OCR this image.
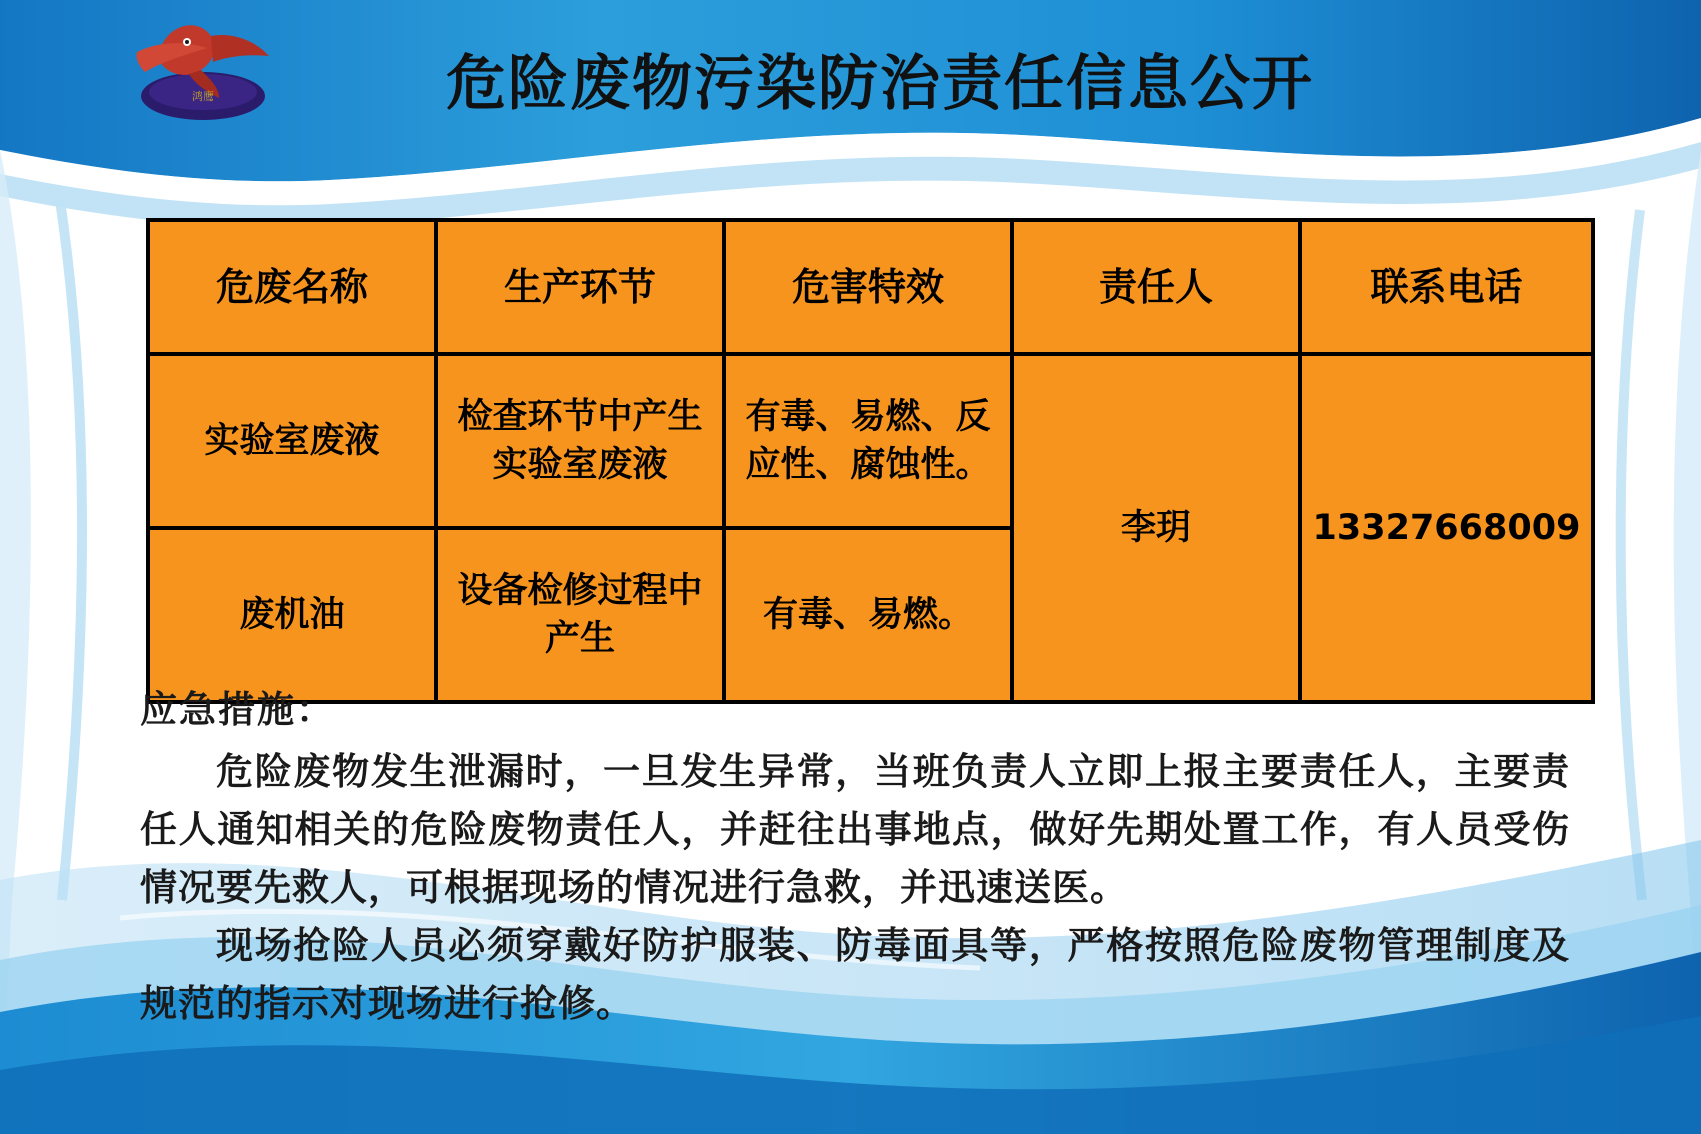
鸿鹰	危险废物污染防治责任信息公开
危废名称	生产环节	危害特效	责任人	联系电话
实验室废液	检查环节中产生实验室废液	有毒、易燃、反应性、腐蚀性。	李玥	13327668009
废机油	设备检修过程中产生	有毒、易燃。		
应急措施：

危险废物发生泄漏时，一旦发生异常，当班负责人立即上报主要责任人，主要责任人通知相关的危险废物责任人，并赶往出事地点，做好先期处置工作，有人员受伤情况要先救人，可根据现场的情况进行急救，并迅速送医。

现场抢险人员必须穿戴好防护服装、防毒面具等，严格按照危险废物管理制度及规范的指示对现场进行抢修。
